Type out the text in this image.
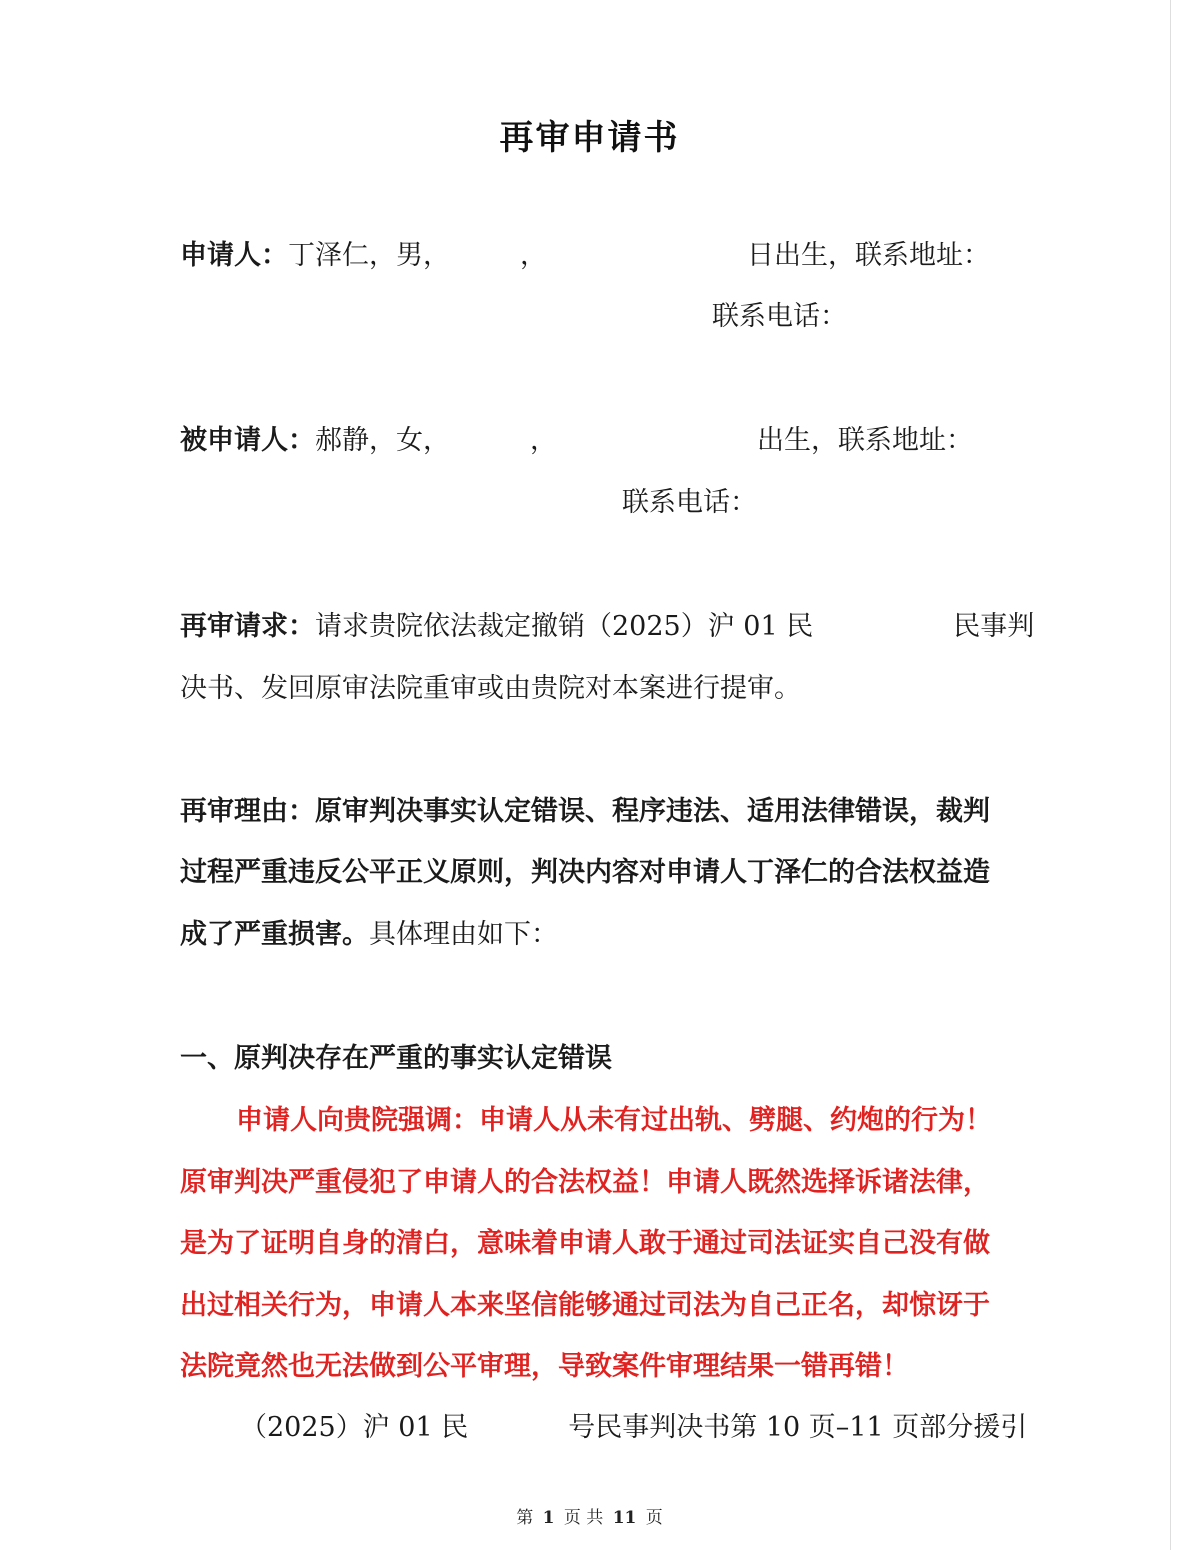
再审申请书
申请人：丁泽仁，男，	，	日出生，联系地址：
联系电话：
被申请人：郝静，女，	，	出生，联系地址：
联系电话：
再审请求：请求贵院依法裁定撤销（2025）沪 01 民	民事判
决书、发回原审法院重审或由贵院对本案进行提审。
再审理由：原审判决事实认定错误、程序违法、适用法律错误，裁判
过程严重违反公平正义原则，判决内容对申请人丁泽仁的合法权益造
成了严重损害。具体理由如下：
一、原判决存在严重的事实认定错误
申请人向贵院强调：申请人从未有过出轨、劈腿、约炮的行为！
原审判决严重侵犯了申请人的合法权益！申请人既然选择诉诸法律，
是为了证明自身的清白，意味着申请人敢于通过司法证实自己没有做
出过相关行为，申请人本来坚信能够通过司法为自己正名，却惊讶于
法院竟然也无法做到公平审理，导致案件审理结果一错再错！
（2025）沪 01 民	号民事判决书第 10 页–11 页部分援引
第 1 页 共 11 页
